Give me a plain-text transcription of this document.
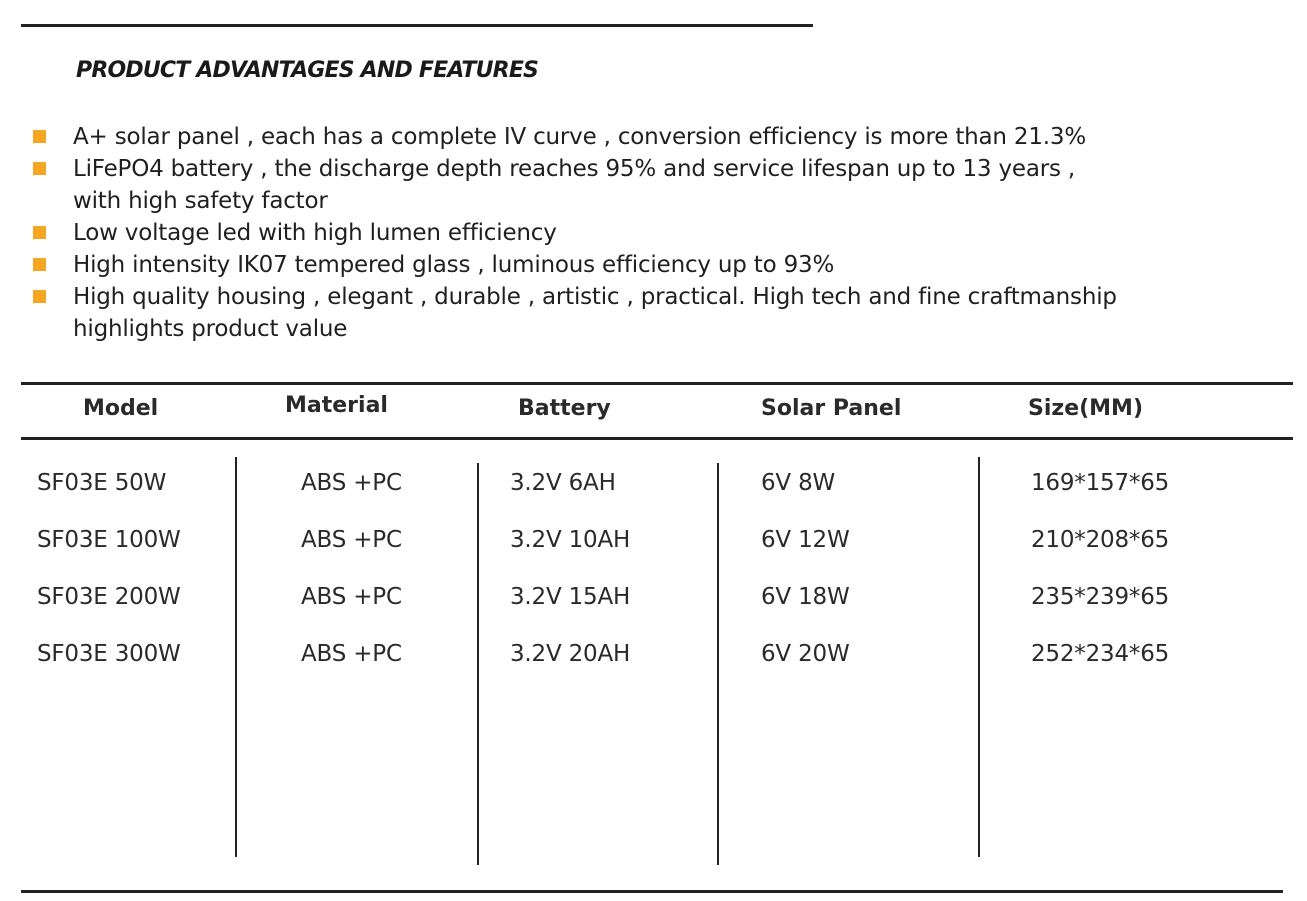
PRODUCT ADVANTAGES AND FEATURES
A+ solar panel , each has a complete IV curve , conversion efficiency is more than 21.3%
LiFePO4 battery , the discharge depth reaches 95% and service lifespan up to 13 years ,
with high safety factor
Low voltage led with high lumen efficiency
High intensity IK07 tempered glass , luminous efficiency up to 93%
High quality housing , elegant , durable , artistic , practical. High tech and fine craftmanship
highlights product value
Model	Material	Battery	Solar Panel	Size(MM)
SF03E 50W	ABS +PC	3.2V 6AH	6V 8W	169*157*65
SF03E 100W	ABS +PC	3.2V 10AH	6V 12W	210*208*65
SF03E 200W	ABS +PC	3.2V 15AH	6V 18W	235*239*65
SF03E 300W	ABS +PC	3.2V 20AH	6V 20W	252*234*65
